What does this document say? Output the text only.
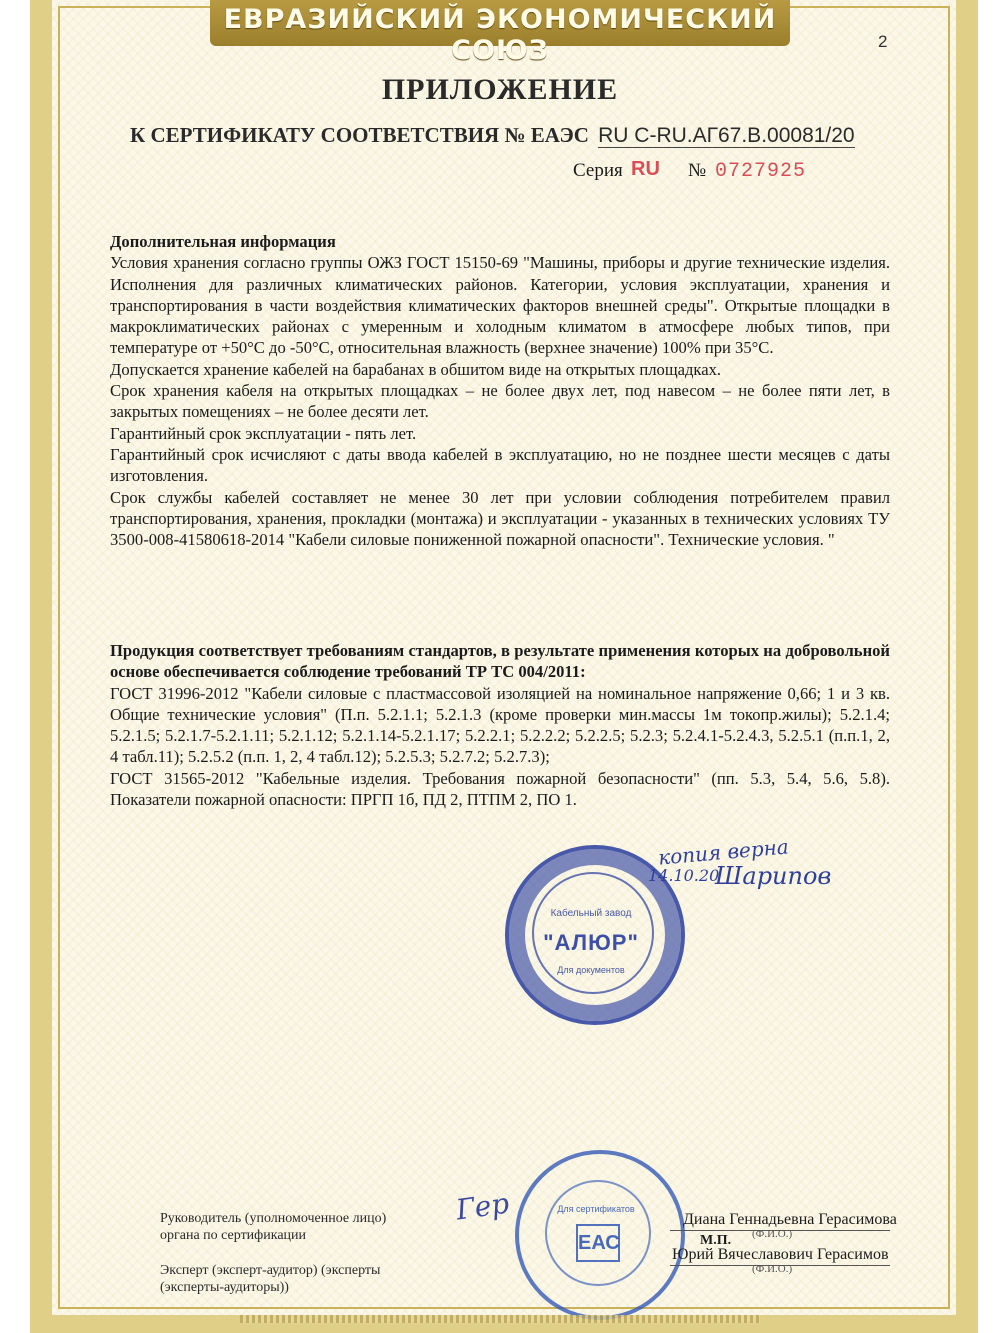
ЕВРАЗИЙСКИЙ ЭКОНОМИЧЕСКИЙ СОЮЗ	2
ПРИЛОЖЕНИЕ
К СЕРТИФИКАТУ СООТВЕТСТВИЯ № ЕАЭС RU C-RU.АГ67.В.00081/20
Серия RU № 0727925

Дополнительная информация

Условия хранения согласно группы ОЖЗ ГОСТ 15150-69 "Машины, приборы и другие технические изделия. Исполнения для различных климатических районов. Категории, условия эксплуатации, хранения и транспортирования в части воздействия климатических факторов внешней среды". Открытые площадки в макроклиматических районах с умеренным и холодным климатом в атмосфере любых типов, при температуре от +50°С до -50°С, относительная влажность (верхнее значение) 100% при 35°С.

Допускается хранение кабелей на барабанах в обшитом виде на открытых площадках.

Срок хранения кабеля на открытых площадках – не более двух лет, под навесом – не более пяти лет, в закрытых помещениях – не более десяти лет.

Гарантийный срок эксплуатации - пять лет.

Гарантийный срок исчисляют с даты ввода кабелей в эксплуатацию, но не позднее шести месяцев с даты изготовления.

Срок службы кабелей составляет не менее 30 лет при условии соблюдения потребителем правил транспортирования, хранения, прокладки (монтажа) и эксплуатации - указанных в технических условиях ТУ 3500-008-41580618-2014 "Кабели силовые пониженной пожарной опасности". Технические условия. "

Продукция соответствует требованиям стандартов, в результате применения которых на добровольной основе обеспечивается соблюдение требований ТР ТС 004/2011:

ГОСТ 31996-2012 "Кабели силовые с пластмассовой изоляцией на номинальное напряжение 0,66; 1 и 3 кв. Общие технические условия" (П.п. 5.2.1.1; 5.2.1.3 (кроме проверки мин.массы 1м токопр.жилы); 5.2.1.4; 5.2.1.5; 5.2.1.7-5.2.1.11; 5.2.1.12; 5.2.1.14-5.2.1.17; 5.2.2.1; 5.2.2.2; 5.2.2.5; 5.2.3; 5.2.4.1-5.2.4.3, 5.2.5.1 (п.п.1, 2, 4 табл.11); 5.2.5.2 (п.п. 1, 2, 4 табл.12); 5.2.5.3; 5.2.7.2; 5.2.7.3);

ГОСТ 31565-2012 "Кабельные изделия. Требования пожарной безопасности" (пп. 5.3, 5.4, 5.6, 5.8). Показатели пожарной опасности: ПРГП 1б, ПД 2, ПТПМ 2, ПО 1.

Кабельный завод
"АЛЮР"
Для документов
копия верна
14.10.20
Шарипов
Для сертификатов
ЕАС
Гер
Руководитель (уполномоченное лицо) органа по сертификации
Эксперт (эксперт-аудитор) (эксперты (эксперты-аудиторы))
Диана Геннадьевна Герасимова
(Ф.И.О.)
М.П.
Юрий Вячеславович Герасимов
(Ф.И.О.)
